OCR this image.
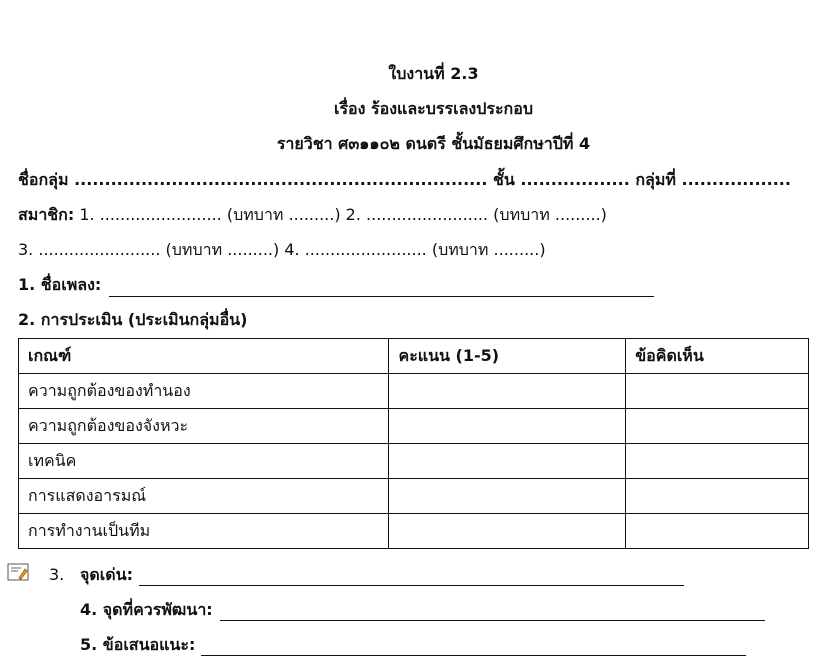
ใบงานที่ 2.3
เรื่อง ร้องและบรรเลงประกอบ
รายวิชา ศ๓๑๑๐๒ ดนตรี ชั้นมัธยมศึกษาปีที่ 4
ชื่อกลุ่ม .................................................................... ชั้น .................. กลุ่มที่ ..................
สมาชิก: 1. ........................ (บทบาท .........) 2. ........................ (บทบาท .........)
3. ........................ (บทบาท .........) 4. ........................ (บทบาท .........)
1. ชื่อเพลง:
2. การประเมิน (ประเมินกลุ่มอื่น)
เกณฑ์	คะแนน (1-5)	ข้อคิดเห็น
ความถูกต้องของทำนอง		
ความถูกต้องของจังหวะ		
เทคนิค		
การแสดงอารมณ์		
การทำงานเป็นทีม		
3. จุดเด่น:
4. จุดที่ควรพัฒนา:
5. ข้อเสนอแนะ:
